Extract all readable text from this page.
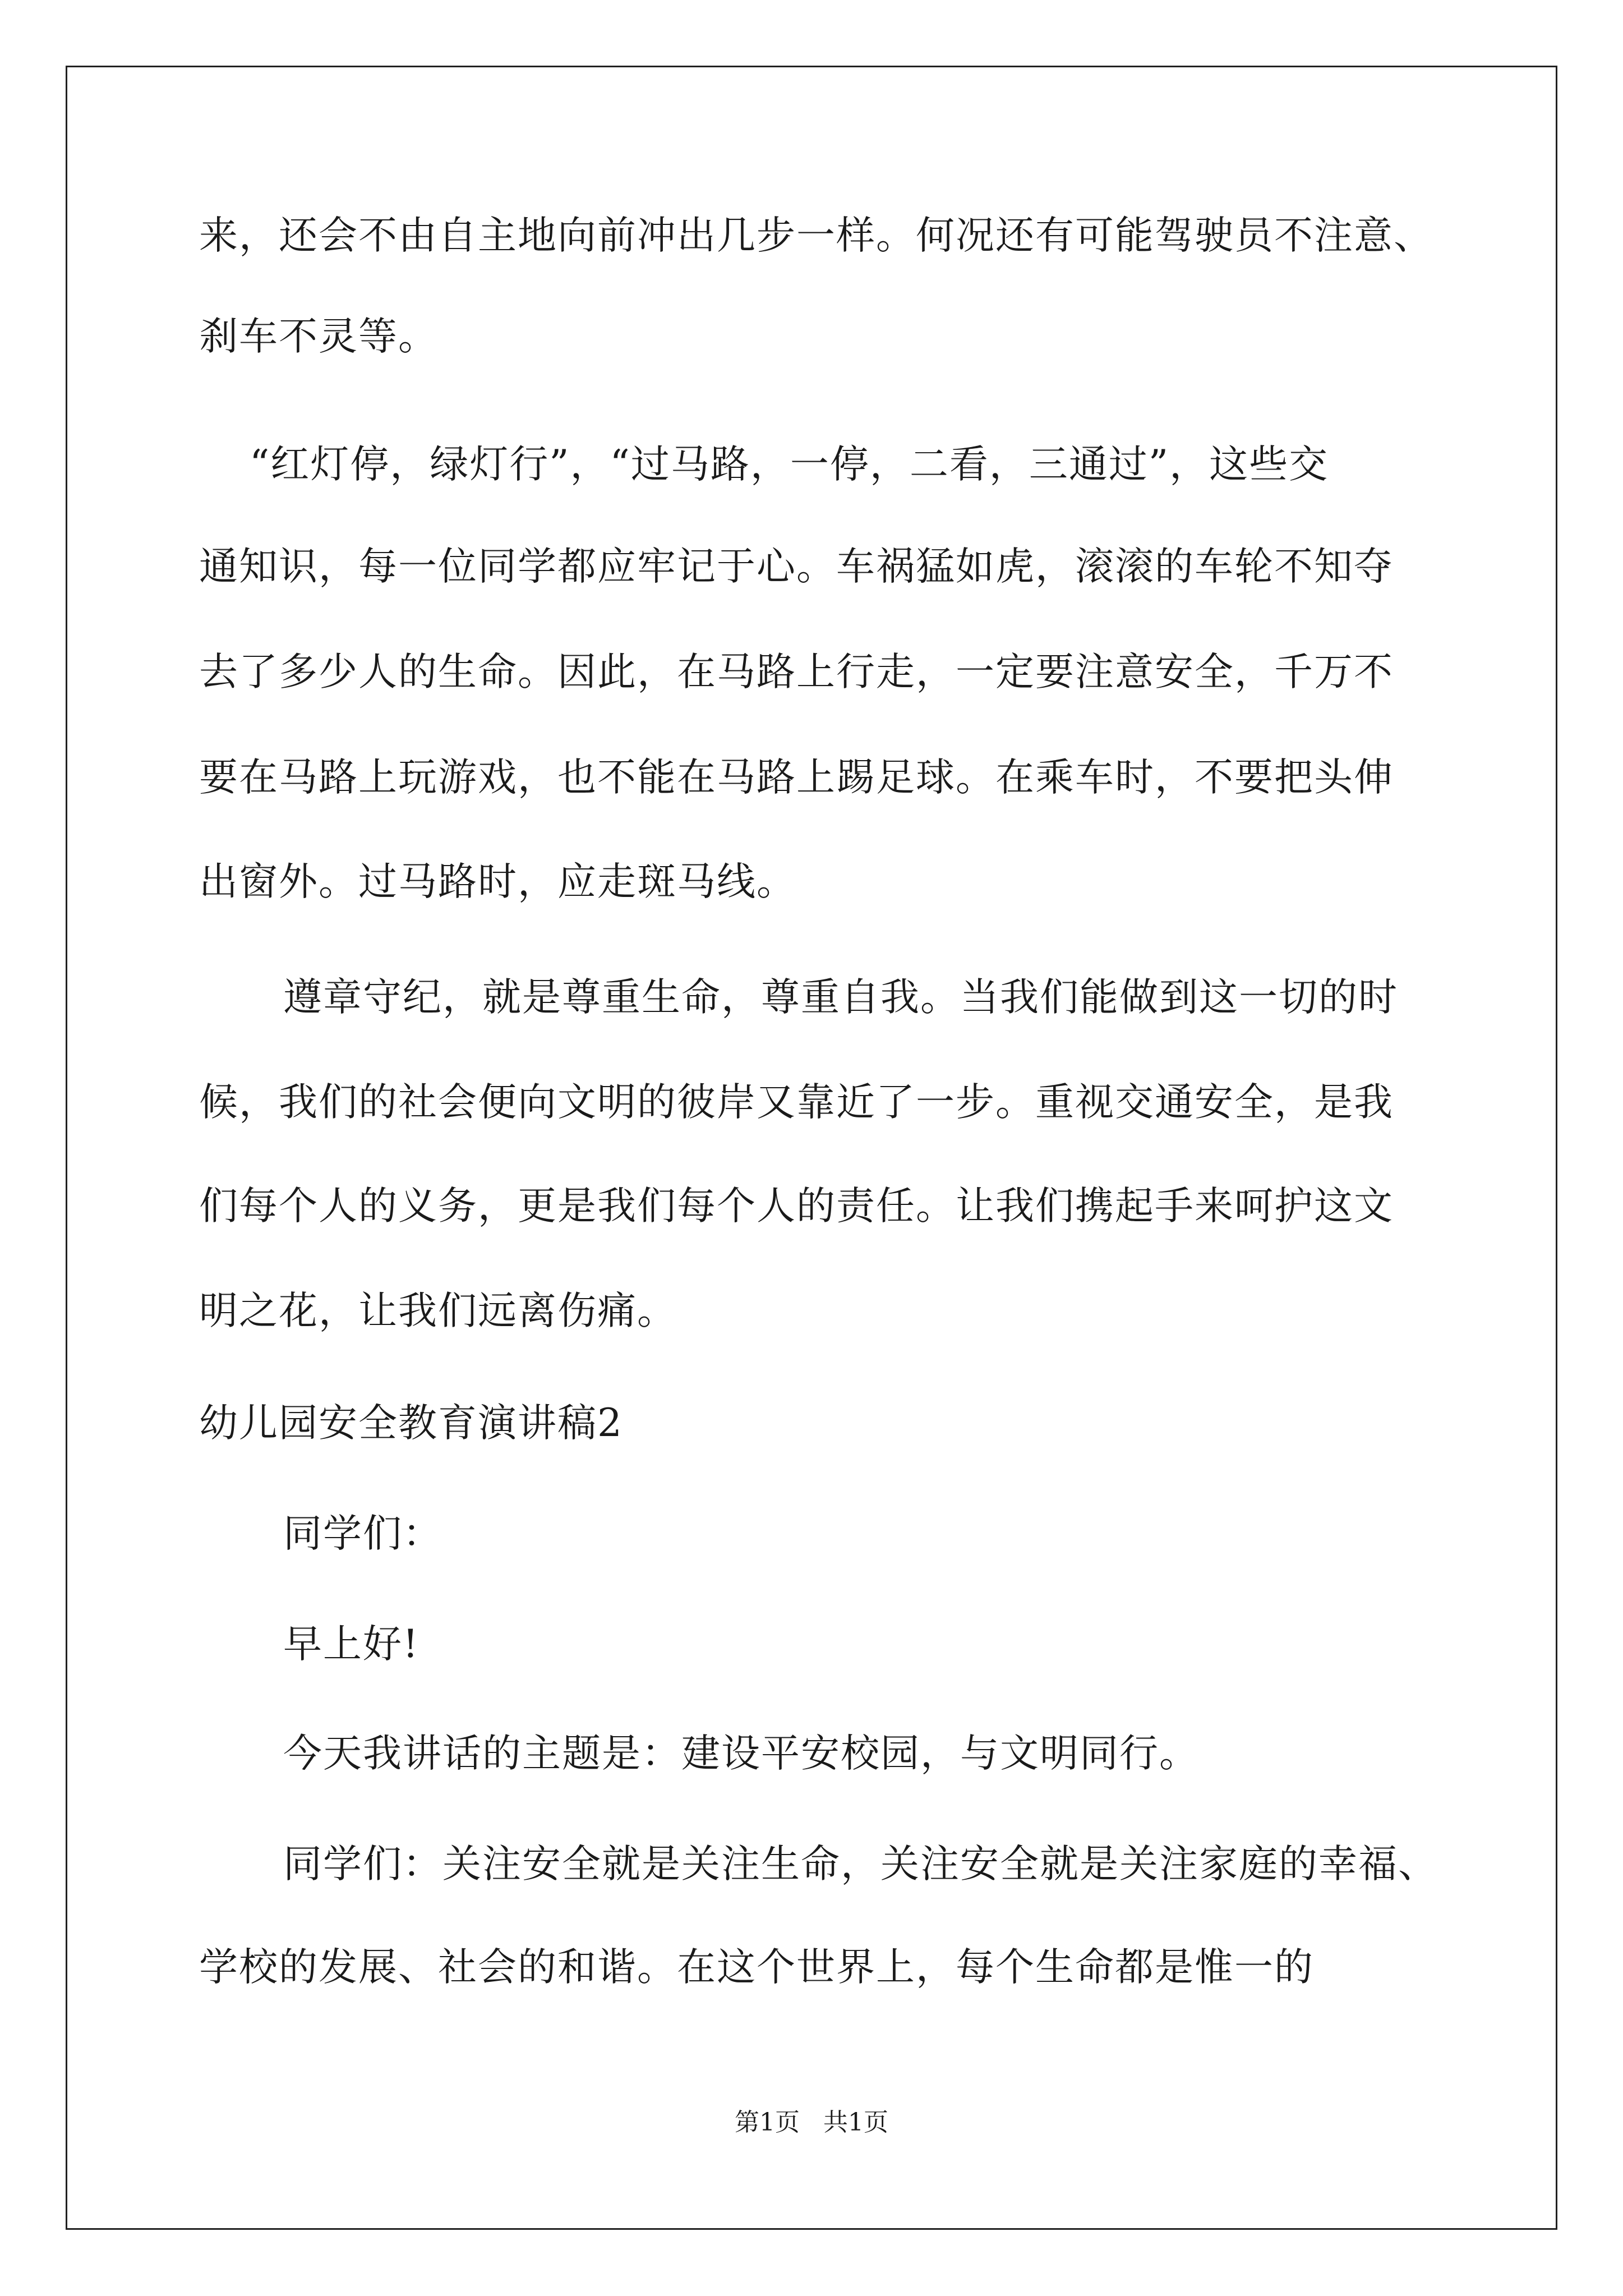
来，还会不由自主地向前冲出几步一样。何况还有可能驾驶员不注意、
刹车不灵等。
“红灯停，绿灯行”，“过马路，一停，二看，三通过”，这些交
通知识，每一位同学都应牢记于心。车祸猛如虎，滚滚的车轮不知夺
去了多少人的生命。因此，在马路上行走，一定要注意安全，千万不
要在马路上玩游戏，也不能在马路上踢足球。在乘车时，不要把头伸
出窗外。过马路时，应走斑马线。
遵章守纪，就是尊重生命，尊重自我。当我们能做到这一切的时
候，我们的社会便向文明的彼岸又靠近了一步。重视交通安全，是我
们每个人的义务，更是我们每个人的责任。让我们携起手来呵护这文
明之花，让我们远离伤痛。
幼儿园安全教育演讲稿2
同学们：
早上好!
今天我讲话的主题是：建设平安校园，与文明同行。
同学们：关注安全就是关注生命，关注安全就是关注家庭的幸福、
学校的发展、社会的和谐。在这个世界上，每个生命都是惟一的
第1页   共1页
